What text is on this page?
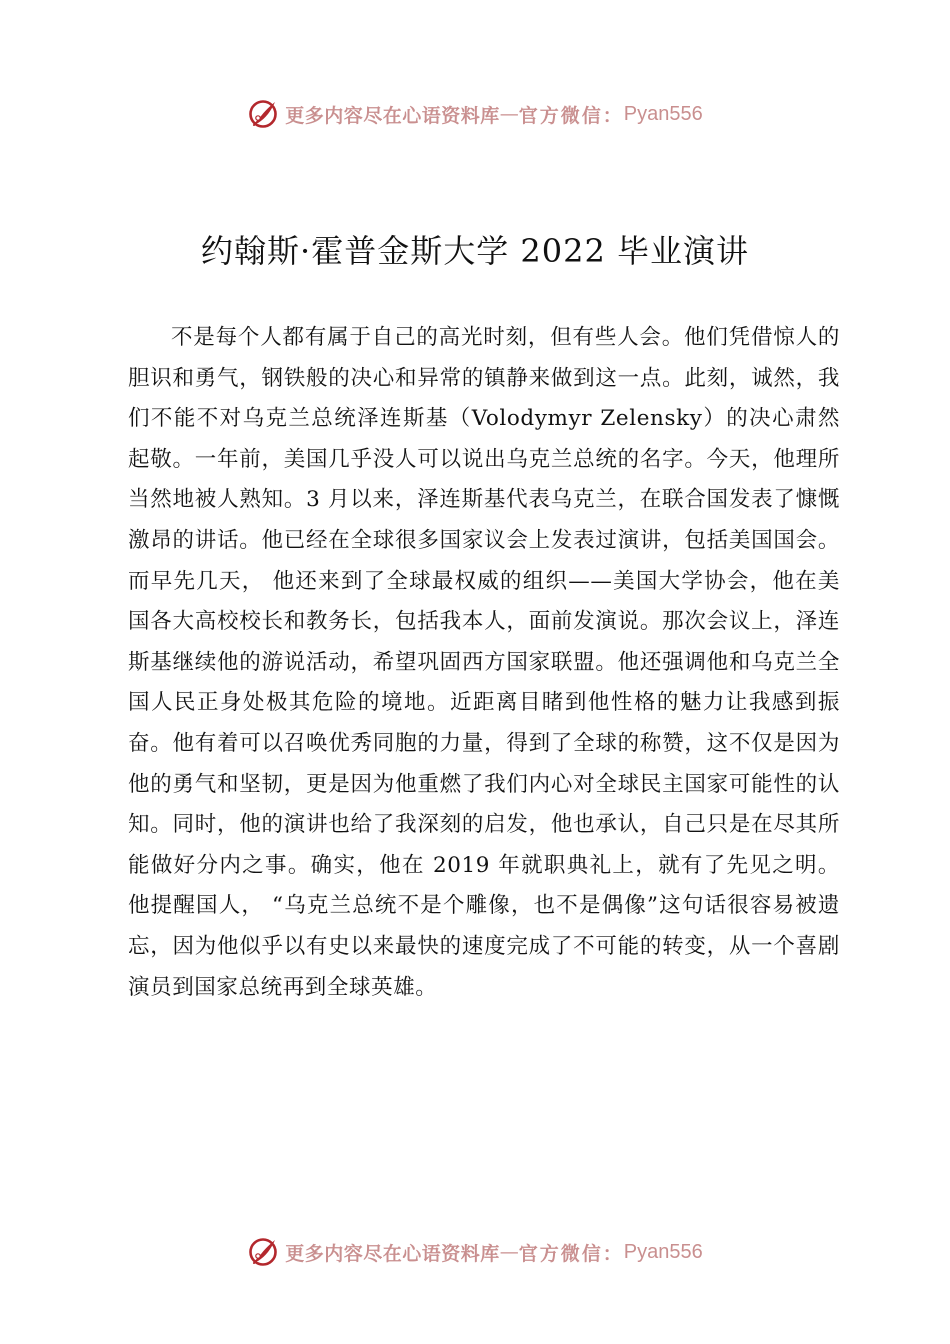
更多内容尽在心语资料库 — 官方微信： Pyan556
约翰斯·霍普金斯大学 2022 毕业演讲

不是每个人都有属于自己的高光时刻，但有些人会。他们凭借惊人的胆识和勇气，钢铁般的决心和异常的镇静来做到这一点。此刻，诚然，我们不能不对乌克兰总统泽连斯基（Volodymyr Zelensky）的决心肃然起敬。一年前，美国几乎没人可以说出乌克兰总统的名字。今天，他理所当然地被人熟知。3 月以来，泽连斯基代表乌克兰，在联合国发表了慷慨激昂的讲话。他已经在全球很多国家议会上发表过演讲，包括美国国会。而早先几天， 他还来到了全球最权威的组织——美国大学协会，他在美国各大高校校长和教务长，包括我本人，面前发演说。那次会议上，泽连斯基继续他的游说活动，希望巩固西方国家联盟。他还强调他和乌克兰全国人民正身处极其危险的境地。近距离目睹到他性格的魅力让我感到振奋。他有着可以召唤优秀同胞的力量，得到了全球的称赞，这不仅是因为他的勇气和坚韧，更是因为他重燃了我们内心对全球民主国家可能性的认知。同时，他的演讲也给了我深刻的启发，他也承认，自己只是在尽其所能做好分内之事。确实，他在 2019 年就职典礼上，就有了先见之明。他提醒国人， “乌克兰总统不是个雕像，也不是偶像”这句话很容易被遗忘，因为他似乎以有史以来最快的速度完成了不可能的转变，从一个喜剧演员到国家总统再到全球英雄。

更多内容尽在心语资料库 — 官方微信： Pyan556
